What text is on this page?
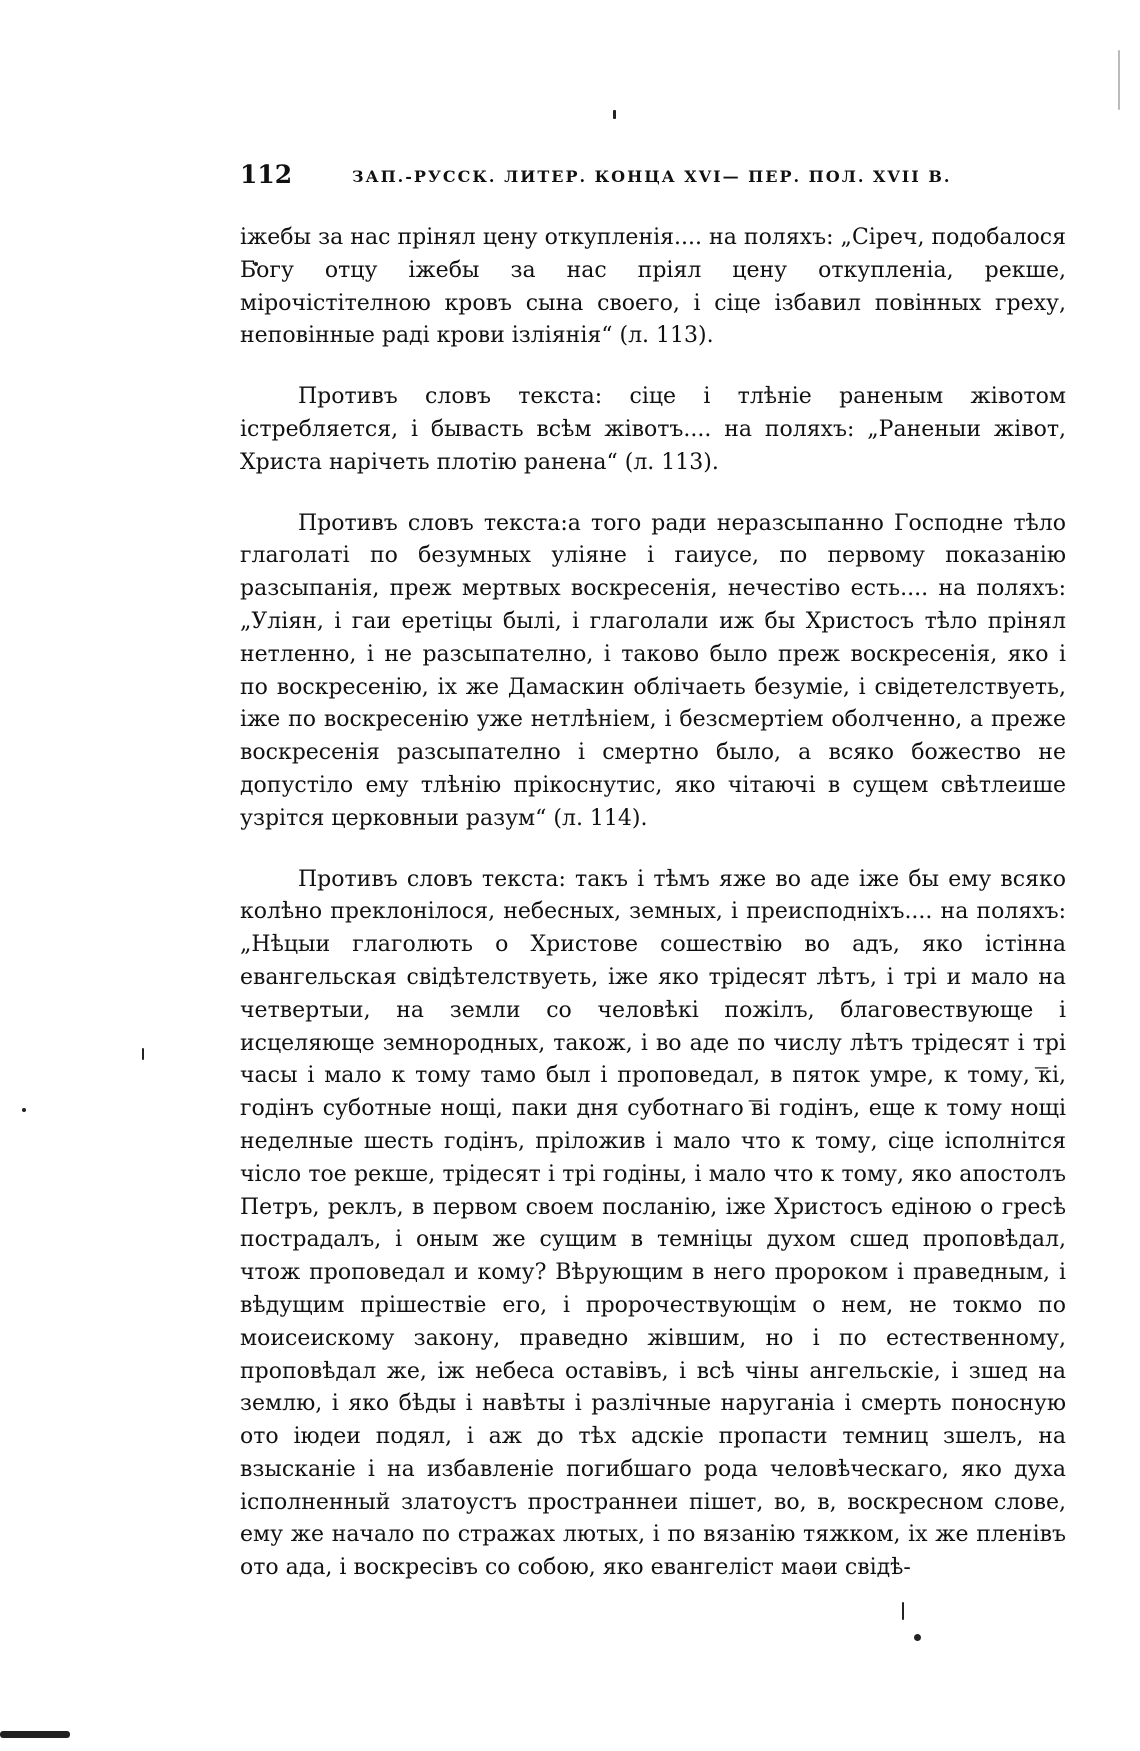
112	ЗАП.-РУСCК. ЛИТЕР. КОНЦА XVI— ПЕР. ПОЛ. XVII В.

іжебы за нас прінял цену откупленія.... на поляхъ: „Сіреч, подобалося Богу отцу іжебы за нас пріял цену откупленіа, рекше, мірочістітелною кровъ сына своего, і сіце ізбавил повінных греху, неповінные раді крови ізліянія“ (л. 113).

Противъ словъ текста: сіце і тлѣніе раненым жівотом істребляется, і бывасть всѣм жівотъ.... на поляхъ: „Раненыи жівот, Христа нарічеть плотію ранена“ (л. 113).

Противъ словъ текста:а того ради неразсыпанно Господне тѣло глаголаті по безумных уліяне і гаиусе, по первому показанію разсыпанія, преж мертвых воскресенія, нечестіво есть.... на поляхъ: „Уліян, і гаи еретіцы былі, і глаголали иж бы Христосъ тѣло прінял нетленно, і не разсыпателно, і таково было преж воскресенія, яко і по воскресенію, іх же Дамаскин облічаеть безуміе, і свідетелствуеть, іже по воскресенію уже нетлѣніем, і безсмертіем оболченно, а преже воскресенія разсыпателно і смертно было, а всяко божество не допустіло ему тлѣнію прікоснутис, яко чітаючі в сущем свѣтлеише узрітся церковныи разум“ (л. 114).

Противъ словъ текста: такъ і тѣмъ яже во аде іже бы ему всяко колѣно преклонілося, небесных, земных, і преисподніхъ.... на поляхъ: „Нѣцыи глаголють о Христове сошествію во адъ, яко істінна евангельская свідѣтелствуеть, іже яко трідесят лѣтъ, і трі и мало на четвертыи, на земли со человѣкі пожілъ, благовествующе і исцеляюще земнородных, також, і во аде по числу лѣтъ трідесят і трі часы і мало к тому тамо был і проповедал, в пяток умре, к тому, ͞кі, годінъ суботные нощі, паки дня суботнаго ͞ві годінъ, еще к тому нощі неделные шесть годінъ, пріложив і мало что к тому, сіце ісполнітся чісло тое рекше, трідесят і трі годіны, і мало что к тому, яко апостолъ Петръ, реклъ, в первом своем посланію, іже Христосъ едіною о гресѣ пострадалъ, і оным же сущим в темніцы духом сшед проповѣдал, чтож проповедал и кому? Вѣрующим в него пророком і праведным, і вѣдущим прішествіе его, і пророчествующім о нем, не токмо по моисеискому закону, праведно жівшим, но і по естественному, проповѣдал же, іж небеса оставівъ, і всѣ чіны ангельскіе, і зшед на землю, і яко бѣды і навѣты і разлічные наруганіа і смерть поносную ото іюдеи подял, і аж до тѣх адскіе пропасти темниц зшелъ, на взысканіе і на избавленіе погибшаго рода человѣческаго, яко духа ісполненный златоустъ пространнеи пішет, во, в, воскресном слове, ему же начало по стражах лютых, і по вязанію тяжком, іх же пленівъ ото ада, і воскресівъ со собою, яко евангеліст маѳи свідѣ-
